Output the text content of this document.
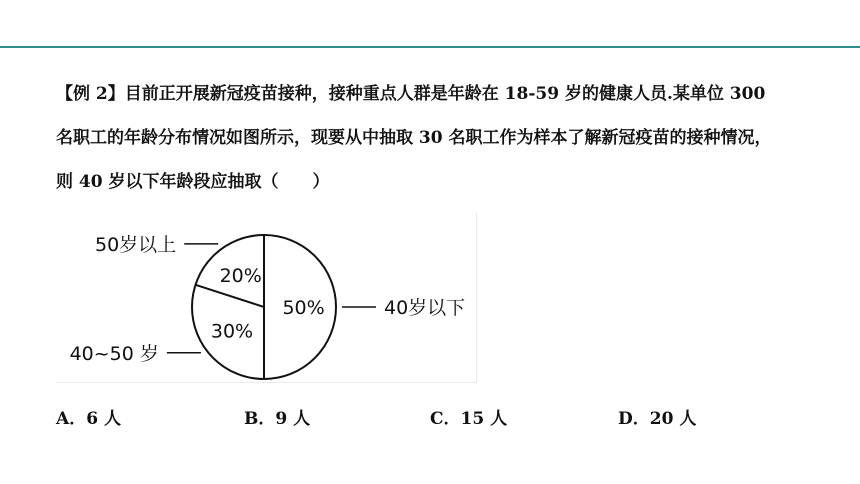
【例 2】目前正开展新冠疫苗接种，接种重点人群是年龄在 18-59 岁的健康人员.某单位 300
名职工的年龄分布情况如图所示，现要从中抽取 30 名职工作为样本了解新冠疫苗的接种情况，
则 40 岁以下年龄段应抽取（　　）
50%
30%
20%
40岁以下
40~50 岁
50岁以上
A．6 人	B．9 人	C．15 人	D．20 人
